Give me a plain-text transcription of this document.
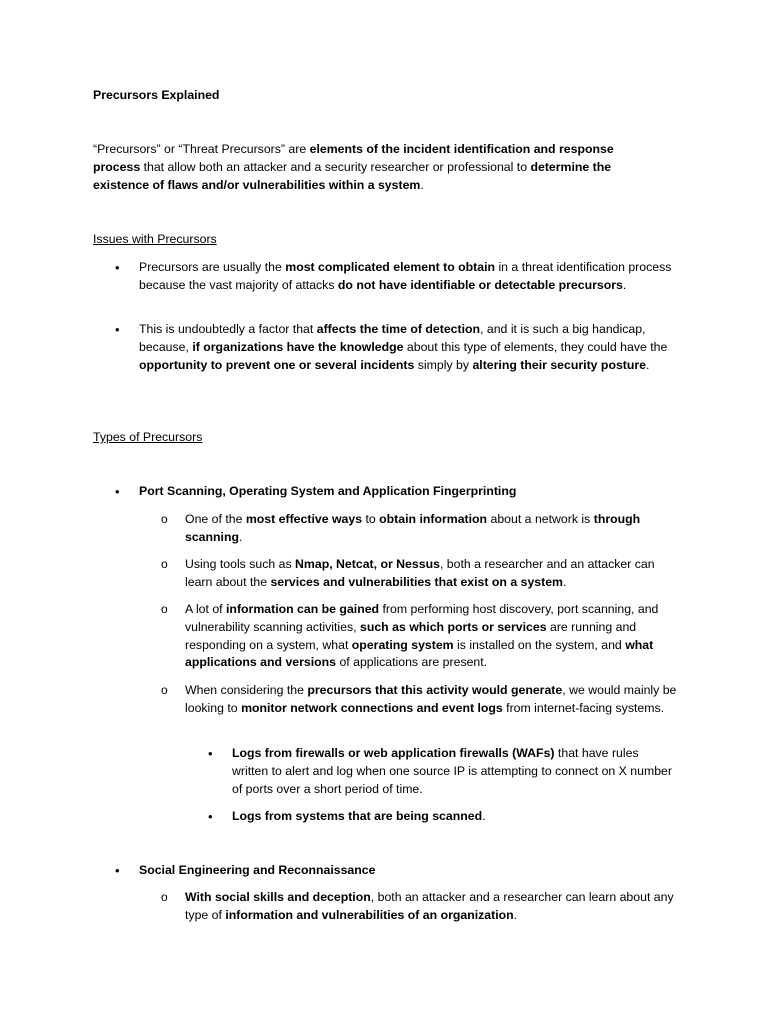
Precursors Explained
“Precursors” or “Threat Precursors” are elements of the incident identification and response process that allow both an attacker and a security researcher or professional to determine the existence of flaws and/or vulnerabilities within a system.
Issues with Precursors
• Precursors are usually the most complicated element to obtain in a threat identification process because the vast majority of attacks do not have identifiable or detectable precursors.
• This is undoubtedly a factor that affects the time of detection, and it is such a big handicap, because, if organizations have the knowledge about this type of elements, they could have the opportunity to prevent one or several incidents simply by altering their security posture.
Types of Precursors
• Port Scanning, Operating System and Application Fingerprinting
o One of the most effective ways to obtain information about a network is through scanning.
o Using tools such as Nmap, Netcat, or Nessus, both a researcher and an attacker can learn about the services and vulnerabilities that exist on a system.
o A lot of information can be gained from performing host discovery, port scanning, and vulnerability scanning activities, such as which ports or services are running and responding on a system, what operating system is installed on the system, and what applications and versions of applications are present.
o When considering the precursors that this activity would generate, we would mainly be looking to monitor network connections and event logs from internet-facing systems.
• Logs from firewalls or web application firewalls (WAFs) that have rules written to alert and log when one source IP is attempting to connect on X number of ports over a short period of time.
• Logs from systems that are being scanned.
• Social Engineering and Reconnaissance
o With social skills and deception, both an attacker and a researcher can learn about any type of information and vulnerabilities of an organization.
